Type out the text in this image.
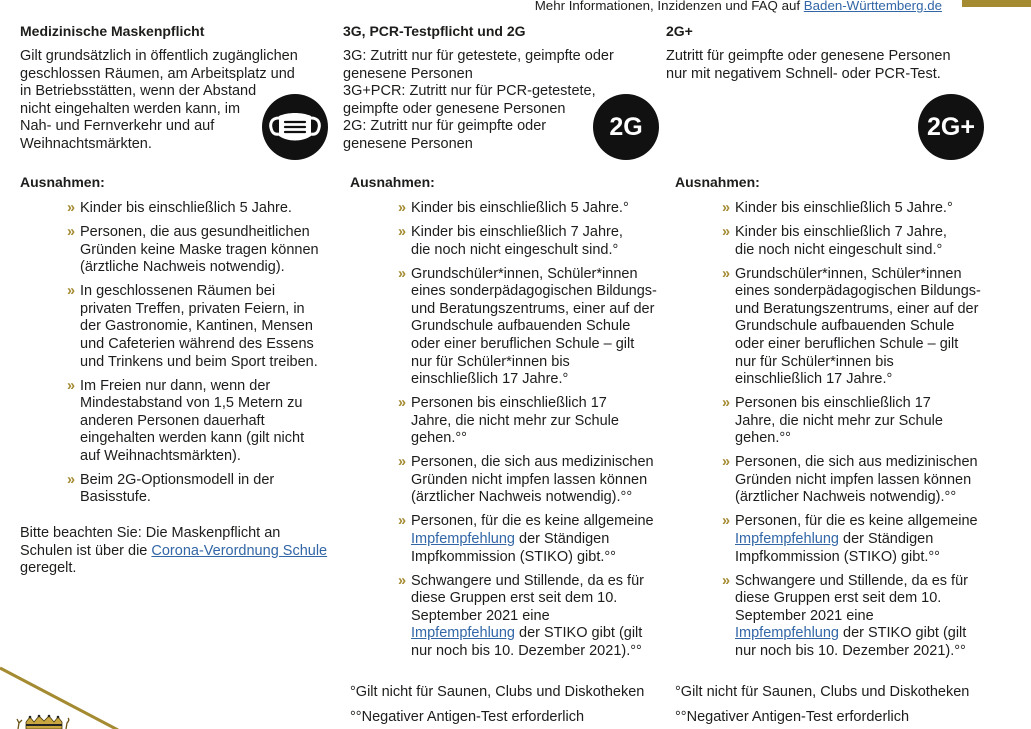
Mehr Informationen, Inzidenzen und FAQ auf Baden-Württemberg.de
Medizinische Maskenpflicht
Gilt grundsätzlich in öffentlich zugänglichen
geschlossen Räumen, am Arbeitsplatz und
in Betriebsstätten, wenn der Abstand
nicht eingehalten werden kann, im
Nah- und Fernverkehr und auf
Weihnachtsmärkten.
Ausnahmen:
» Kinder bis einschließlich 5 Jahre.
» Personen, die aus gesundheitlichen
Gründen keine Maske tragen können
(ärztliche Nachweis notwendig).
» In geschlossenen Räumen bei
privaten Treffen, privaten Feiern, in
der Gastronomie, Kantinen, Mensen
und Cafeterien während des Essens
und Trinkens und beim Sport treiben.
» Im Freien nur dann, wenn der
Mindestabstand von 1,5 Metern zu
anderen Personen dauerhaft
eingehalten werden kann (gilt nicht
auf Weihnachtsmärkten).
» Beim 2G-Optionsmodell in der
Basisstufe.
Bitte beachten Sie: Die Maskenpflicht an
Schulen ist über die Corona-Verordnung Schule
geregelt.
3G, PCR-Testpflicht und 2G
3G: Zutritt nur für getestete, geimpfte oder
genesene Personen
3G+PCR: Zutritt nur für PCR-getestete,
geimpfte oder genesene Personen
2G: Zutritt nur für geimpfte oder
genesene Personen
2G
Ausnahmen:
» Kinder bis einschließlich 5 Jahre.°
» Kinder bis einschließlich 7 Jahre,
die noch nicht eingeschult sind.°
» Grundschüler*innen, Schüler*innen
eines sonderpädagogischen Bildungs-
und Beratungszentrums, einer auf der
Grundschule aufbauenden Schule
oder einer beruflichen Schule – gilt
nur für Schüler*innen bis
einschließlich 17 Jahre.°
» Personen bis einschließlich 17
Jahre, die nicht mehr zur Schule
gehen.°°
» Personen, die sich aus medizinischen
Gründen nicht impfen lassen können
(ärztlicher Nachweis notwendig).°°
» Personen, für die es keine allgemeine
Impfempfehlung der Ständigen
Impfkommission (STIKO) gibt.°°
» Schwangere und Stillende, da es für
diese Gruppen erst seit dem 10.
September 2021 eine
Impfempfehlung der STIKO gibt (gilt
nur noch bis 10. Dezember 2021).°°
°Gilt nicht für Saunen, Clubs und Diskotheken
°°Negativer Antigen-Test erforderlich
2G+
Zutritt für geimpfte oder genesene Personen
nur mit negativem Schnell- oder PCR-Test.
2G+
Ausnahmen:
» Kinder bis einschließlich 5 Jahre.°
» Kinder bis einschließlich 7 Jahre,
die noch nicht eingeschult sind.°
» Grundschüler*innen, Schüler*innen
eines sonderpädagogischen Bildungs-
und Beratungszentrums, einer auf der
Grundschule aufbauenden Schule
oder einer beruflichen Schule – gilt
nur für Schüler*innen bis
einschließlich 17 Jahre.°
» Personen bis einschließlich 17
Jahre, die nicht mehr zur Schule
gehen.°°
» Personen, die sich aus medizinischen
Gründen nicht impfen lassen können
(ärztlicher Nachweis notwendig).°°
» Personen, für die es keine allgemeine
Impfempfehlung der Ständigen
Impfkommission (STIKO) gibt.°°
» Schwangere und Stillende, da es für
diese Gruppen erst seit dem 10.
September 2021 eine
Impfempfehlung der STIKO gibt (gilt
nur noch bis 10. Dezember 2021).°°
°Gilt nicht für Saunen, Clubs und Diskotheken
°°Negativer Antigen-Test erforderlich
